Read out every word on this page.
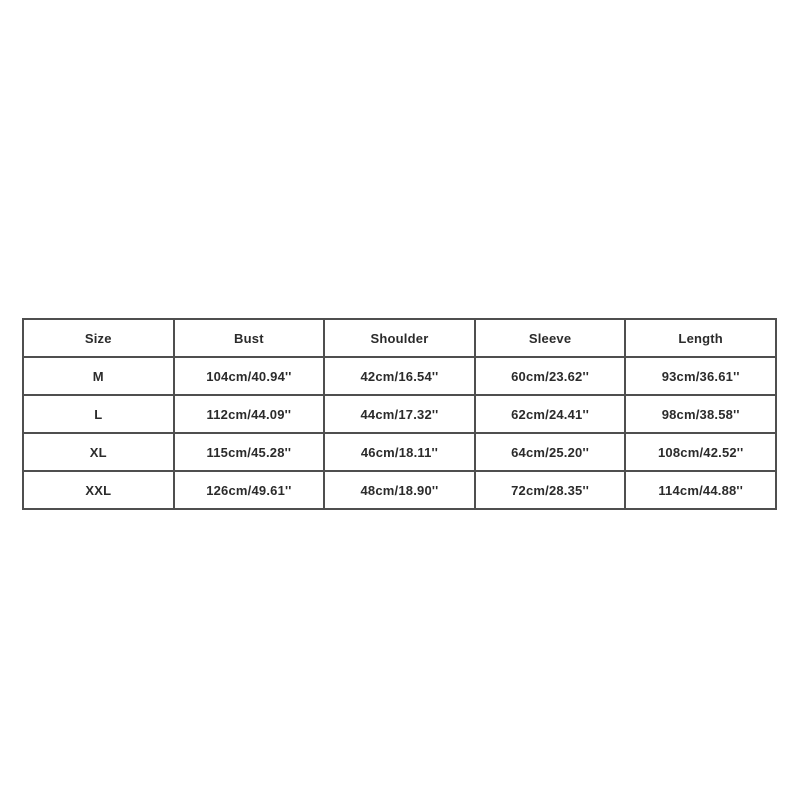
Size	Bust	Shoulder	Sleeve	Length
M	104cm/40.94''	42cm/16.54''	60cm/23.62''	93cm/36.61''
L	112cm/44.09''	44cm/17.32''	62cm/24.41''	98cm/38.58''
XL	115cm/45.28''	46cm/18.11''	64cm/25.20''	108cm/42.52''
XXL	126cm/49.61''	48cm/18.90''	72cm/28.35''	114cm/44.88''
